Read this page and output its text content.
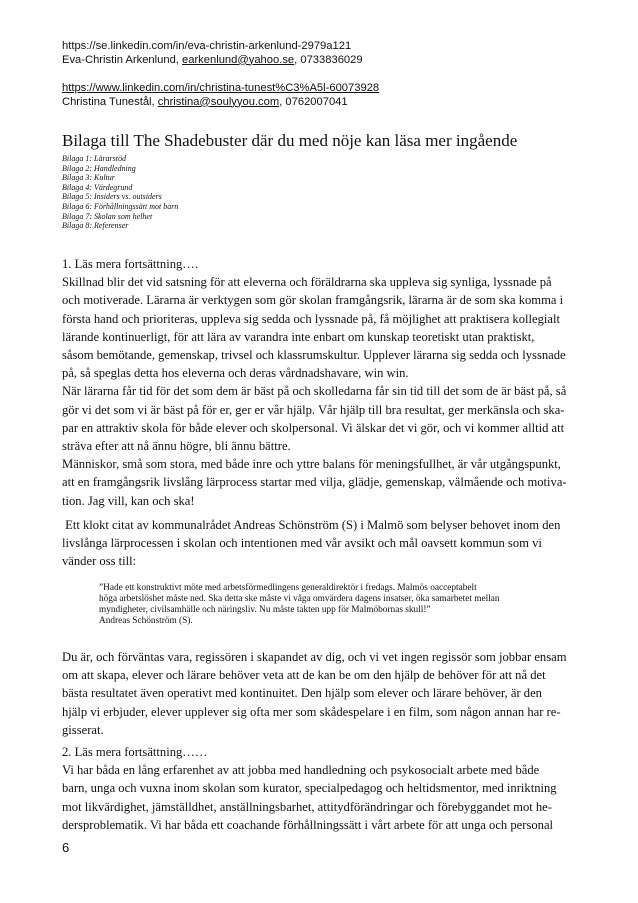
https://se.linkedin.com/in/eva-christin-arkenlund-2979a121
Eva-Christin Arkenlund, earkenlund@yahoo.se, 0733836029
https://www.linkedin.com/in/christina-tunest%C3%A5l-60073928
Christina Tunestål, christina@soulyyou.com, 0762007041
Bilaga till The Shadebuster där du med nöje kan läsa mer ingående
Bilaga 1: Lärarstöd
Bilaga 2: Handledning
Bilaga 3: Kultur
Bilaga 4: Värdegrund
Bilaga 5: Insiders vs. outsiders
Bilaga 6: Förhållningssätt mot barn
Bilaga 7: Skolan som helhet
Bilaga 8: Referenser
1. Läs mera fortsättning….
Skillnad blir det vid satsning för att eleverna och föräldrarna ska uppleva sig synliga, lyssnade på
och motiverade. Lärarna är verktygen som gör skolan framgångsrik, lärarna är de som ska komma i
första hand och prioriteras, uppleva sig sedda och lyssnade på, få möjlighet att praktisera kollegialt
lärande kontinuerligt, för att lära av varandra inte enbart om kunskap teoretiskt utan praktiskt,
såsom bemötande, gemenskap, trivsel och klassrumskultur. Upplever lärarna sig sedda och lyssnade
på, så speglas detta hos eleverna och deras vårdnadshavare, win win.
När lärarna får tid för det som dem är bäst på och skolledarna får sin tid till det som de är bäst på, så
gör vi det som vi är bäst på för er, ger er vår hjälp. Vår hjälp till bra resultat, ger merkänsla och ska-
par en attraktiv skola för både elever och skolpersonal. Vi älskar det vi gör, och vi kommer alltid att
sträva efter att nå ännu högre, bli ännu bättre.
Människor, små som stora, med både inre och yttre balans för meningsfullhet, är vår utgångspunkt,
att en framgångsrik livslång lärprocess startar med vilja, glädje, gemenskap, välmående och motiva-
tion. Jag vill, kan och ska!
Ett klokt citat av kommunalrådet Andreas Schönström (S) i Malmö som belyser behovet inom den
livslånga lärprocessen i skolan och intentionen med vår avsikt och mål oavsett kommun som vi
vänder oss till:
”Hade ett konstruktivt möte med arbetsförmedlingens generaldirektör i fredags. Malmös oacceptabelt
höga arbetslöshet måste ned. Ska detta ske måste vi våga omvärdera dagens insatser, öka samarbetet mellan
myndigheter, civilsamhälle och näringsliv. Nu måste takten upp för Malmöbornas skull!”
Andreas Schönström (S).
Du är, och förväntas vara, regissören i skapandet av dig, och vi vet ingen regissör som jobbar ensam
om att skapa, elever och lärare behöver veta att de kan be om den hjälp de behöver för att nå det
bästa resultatet även operativt med kontinuitet. Den hjälp som elever och lärare behöver, är den
hjälp vi erbjuder, elever upplever sig ofta mer som skådespelare i en film, som någon annan har re-
gisserat.
2. Läs mera fortsättning……
Vi har båda en lång erfarenhet av att jobba med handledning och psykosocialt arbete med både
barn, unga och vuxna inom skolan som kurator, specialpedagog och heltidsmentor, med inriktning
mot likvärdighet, jämställdhet, anställningsbarhet, attitydförändringar och förebyggandet mot he-
dersproblematik. Vi har båda ett coachande förhållningssätt i vårt arbete för att unga och personal
6
